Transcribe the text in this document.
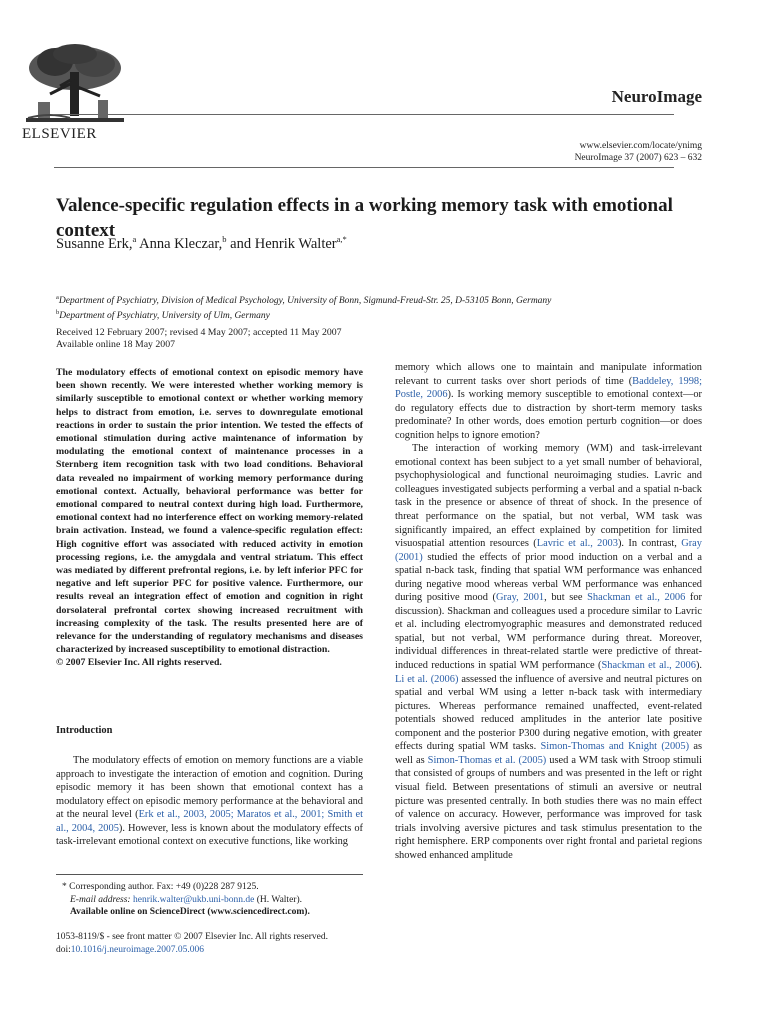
ELSEVIER
NeuroImage
www.elsevier.com/locate/ynimg
NeuroImage 37 (2007) 623 – 632
Valence-specific regulation effects in a working memory task with emotional context
Susanne Erk,$^a$ Anna Kleczar,$^b$ and Henrik Walter$^{a,*}$
$^a$Department of Psychiatry, Division of Medical Psychology, University of Bonn, Sigmund-Freud-Str. 25, D-53105 Bonn, Germany
$^b$Department of Psychiatry, University of Ulm, Germany
Received 12 February 2007; revised 4 May 2007; accepted 11 May 2007
Available online 18 May 2007

The modulatory effects of emotional context on episodic memory have been shown recently. We were interested whether working memory is similarly susceptible to emotional context or whether working memory helps to distract from emotion, i.e. serves to downregulate emotional reactions in order to sustain the prior intention. We tested the effects of emotional stimulation during active maintenance of information by modulating the emotional context of maintenance processes in a Sternberg item recognition task with two load conditions. Behavioral data revealed no impairment of working memory performance during emotional context. Actually, behavioral performance was better for emotional compared to neutral context during high load. Furthermore, emotional context had no interference effect on working memory-related brain activation. Instead, we found a valence-specific regulation effect: High cognitive effort was associated with reduced activity in emotion processing regions, i.e. the amygdala and ventral striatum. This effect was mediated by different prefrontal regions, i.e. by left inferior PFC for negative and left superior PFC for positive valence. Furthermore, our results reveal an integration effect of emotion and cognition in right dorsolateral prefrontal cortex showing increased recruitment with increasing complexity of the task. The results presented here are of relevance for the understanding of regulatory mechanisms and diseases characterized by increased susceptibility to emotional distraction.

© 2007 Elsevier Inc. All rights reserved.

Introduction

The modulatory effects of emotion on memory functions are a viable approach to investigate the interaction of emotion and cognition. During episodic memory it has been shown that emotional context has a modulatory effect on episodic memory performance at the behavioral and at the neural level (Erk et al., 2003, 2005; Maratos et al., 2001; Smith et al., 2004, 2005). However, less is known about the modulatory effects of task-irrelevant emotional context on executive functions, like working

* Corresponding author. Fax: +49 (0)228 287 9125.
E-mail address: henrik.walter@ukb.uni-bonn.de (H. Walter).
Available online on ScienceDirect (www.sciencedirect.com).
1053-8119/$ - see front matter © 2007 Elsevier Inc. All rights reserved.
doi:10.1016/j.neuroimage.2007.05.006

memory which allows one to maintain and manipulate information relevant to current tasks over short periods of time (Baddeley, 1998; Postle, 2006). Is working memory susceptible to emotional context—or do regulatory effects due to distraction by short-term memory tasks predominate? In other words, does emotion perturb cognition—or does cognition helps to ignore emotion?

The interaction of working memory (WM) and task-irrelevant emotional context has been subject to a yet small number of behavioral, psychophysiological and functional neuroimaging studies. Lavric and colleagues investigated subjects performing a verbal and a spatial n-back task in the presence or absence of threat of shock. In the presence of threat performance on the spatial, but not verbal, WM task was significantly impaired, an effect explained by competition for limited visuospatial attention resources (Lavric et al., 2003). In contrast, Gray (2001) studied the effects of prior mood induction on a verbal and a spatial n-back task, finding that spatial WM performance was enhanced during negative mood whereas verbal WM performance was enhanced during positive mood (Gray, 2001, but see Shackman et al., 2006 for discussion). Shackman and colleagues used a procedure similar to Lavric et al. including electromyographic measures and demonstrated reduced spatial, but not verbal, WM performance during threat. Moreover, individual differences in threat-related startle were predictive of threat-induced reductions in spatial WM performance (Shackman et al., 2006). Li et al. (2006) assessed the influence of aversive and neutral pictures on spatial and verbal WM using a letter n-back task with intermediary pictures. Whereas performance remained unaffected, event-related potentials showed reduced amplitudes in the anterior late positive component and the posterior P300 during negative emotion, with greater effects during spatial WM tasks. Simon-Thomas and Knight (2005) as well as Simon-Thomas et al. (2005) used a WM task with Stroop stimuli that consisted of groups of numbers and was presented in the left or right visual field. Between presentations of stimuli an aversive or neutral picture was presented centrally. In both studies there was no main effect of valence on accuracy. However, performance was improved for task trials involving aversive pictures and task stimulus presentation to the right hemisphere. ERP components over right frontal and parietal regions showed enhanced amplitude
